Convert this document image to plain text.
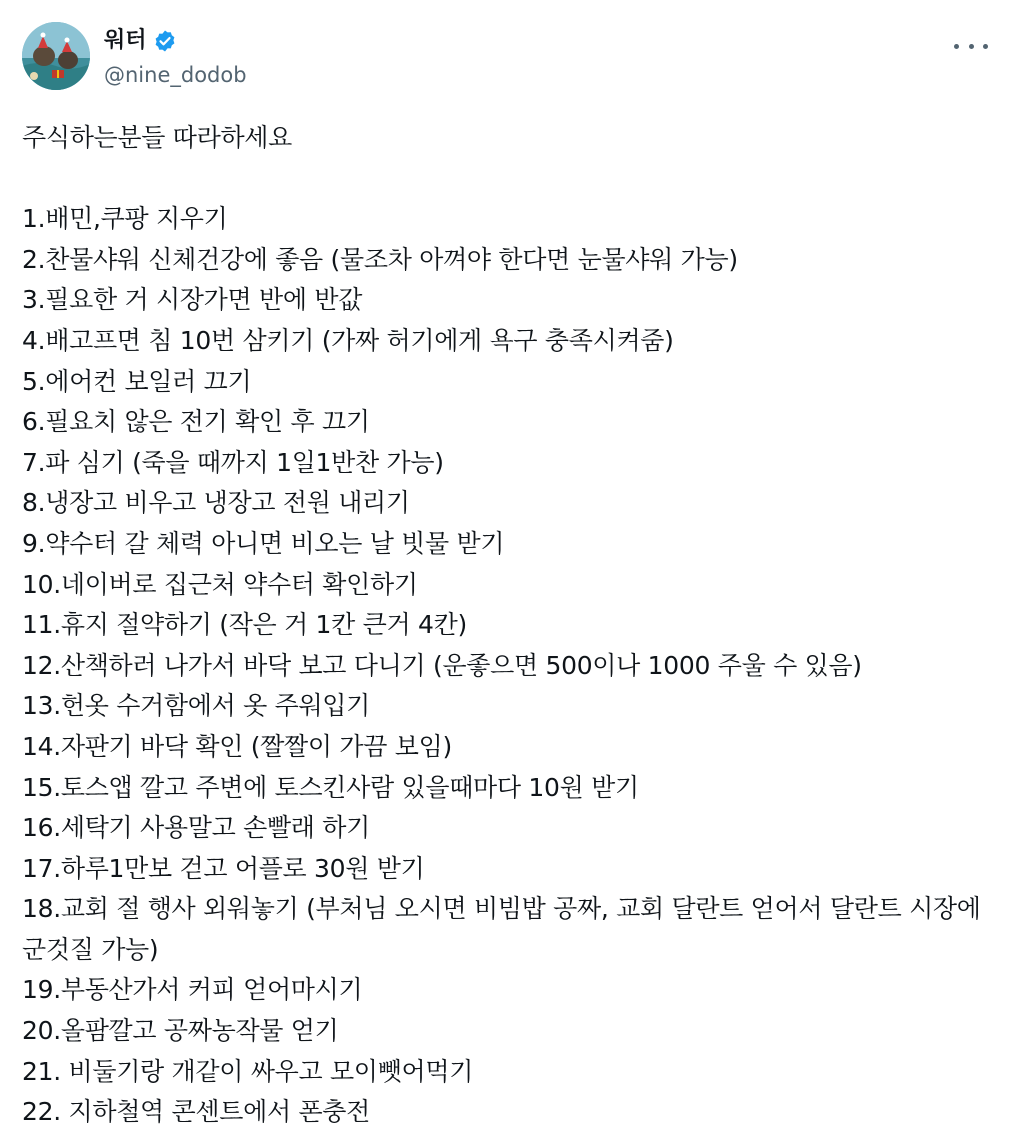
워터
@nine_dodob

주식하는분들 따라하세요

1.배민,쿠팡 지우기
2.찬물샤워 신체건강에 좋음 (물조차 아껴야 한다면 눈물샤워 가능)
3.필요한 거 시장가면 반에 반값
4.배고프면 침 10번 삼키기 (가짜 허기에게 욕구 충족시켜줌)
5.에어컨 보일러 끄기
6.필요치 않은 전기 확인 후 끄기
7.파 심기 (죽을 때까지 1일1반찬 가능)
8.냉장고 비우고 냉장고 전원 내리기
9.약수터 갈 체력 아니면 비오는 날 빗물 받기
10.네이버로 집근처 약수터 확인하기
11.휴지 절약하기 (작은 거 1칸 큰거 4칸)
12.산책하러 나가서 바닥 보고 다니기 (운좋으면 500이나 1000 주울 수 있음)
13.헌옷 수거함에서 옷 주워입기
14.자판기 바닥 확인 (짤짤이 가끔 보임)
15.토스앱 깔고 주변에 토스킨사람 있을때마다 10원 받기
16.세탁기 사용말고 손빨래 하기
17.하루1만보 걷고 어플로 30원 받기
18.교회 절 행사 외워놓기 (부처님 오시면 비빔밥 공짜, 교회 달란트 얻어서 달란트 시장에 군것질 가능)
19.부동산가서 커피 얻어마시기
20.올팜깔고 공짜농작물 얻기
21. 비둘기랑 개같이 싸우고 모이뺏어먹기
22. 지하철역 콘센트에서 폰충전
